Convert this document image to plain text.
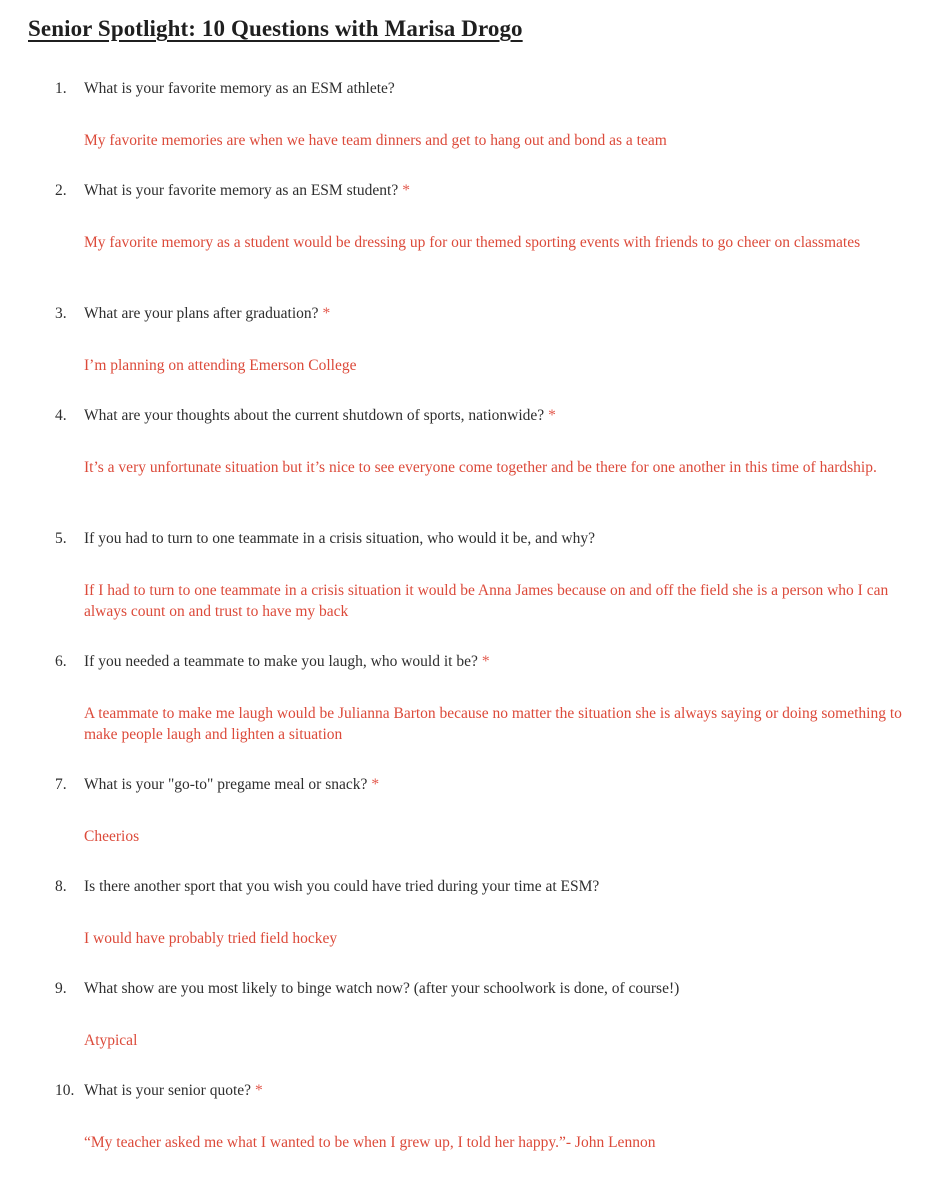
Senior Spotlight: 10 Questions with Marisa Drogo
1. What is your favorite memory as an ESM athlete?
My favorite memories are when we have team dinners and get to hang out and bond as a team
2. What is your favorite memory as an ESM student? *
My favorite memory as a student would be dressing up for our themed sporting events with friends to go cheer on classmates
3. What are your plans after graduation? *
I’m planning on attending Emerson College
4. What are your thoughts about the current shutdown of sports, nationwide? *
It’s a very unfortunate situation but it’s nice to see everyone come together and be there for one another in this time of hardship.
5. If you had to turn to one teammate in a crisis situation, who would it be, and why?
If I had to turn to one teammate in a crisis situation it would be Anna James because on and off the field she is a person who I can always count on and trust to have my back
6. If you needed a teammate to make you laugh, who would it be? *
A teammate to make me laugh would be Julianna Barton because no matter the situation she is always saying or doing something to make people laugh and lighten a situation
7. What is your "go-to" pregame meal or snack? *
Cheerios
8. Is there another sport that you wish you could have tried during your time at ESM?
I would have probably tried field hockey
9. What show are you most likely to binge watch now? (after your schoolwork is done, of course!)
Atypical
10. What is your senior quote? *
“My teacher asked me what I wanted to be when I grew up, I told her happy.”- John Lennon
